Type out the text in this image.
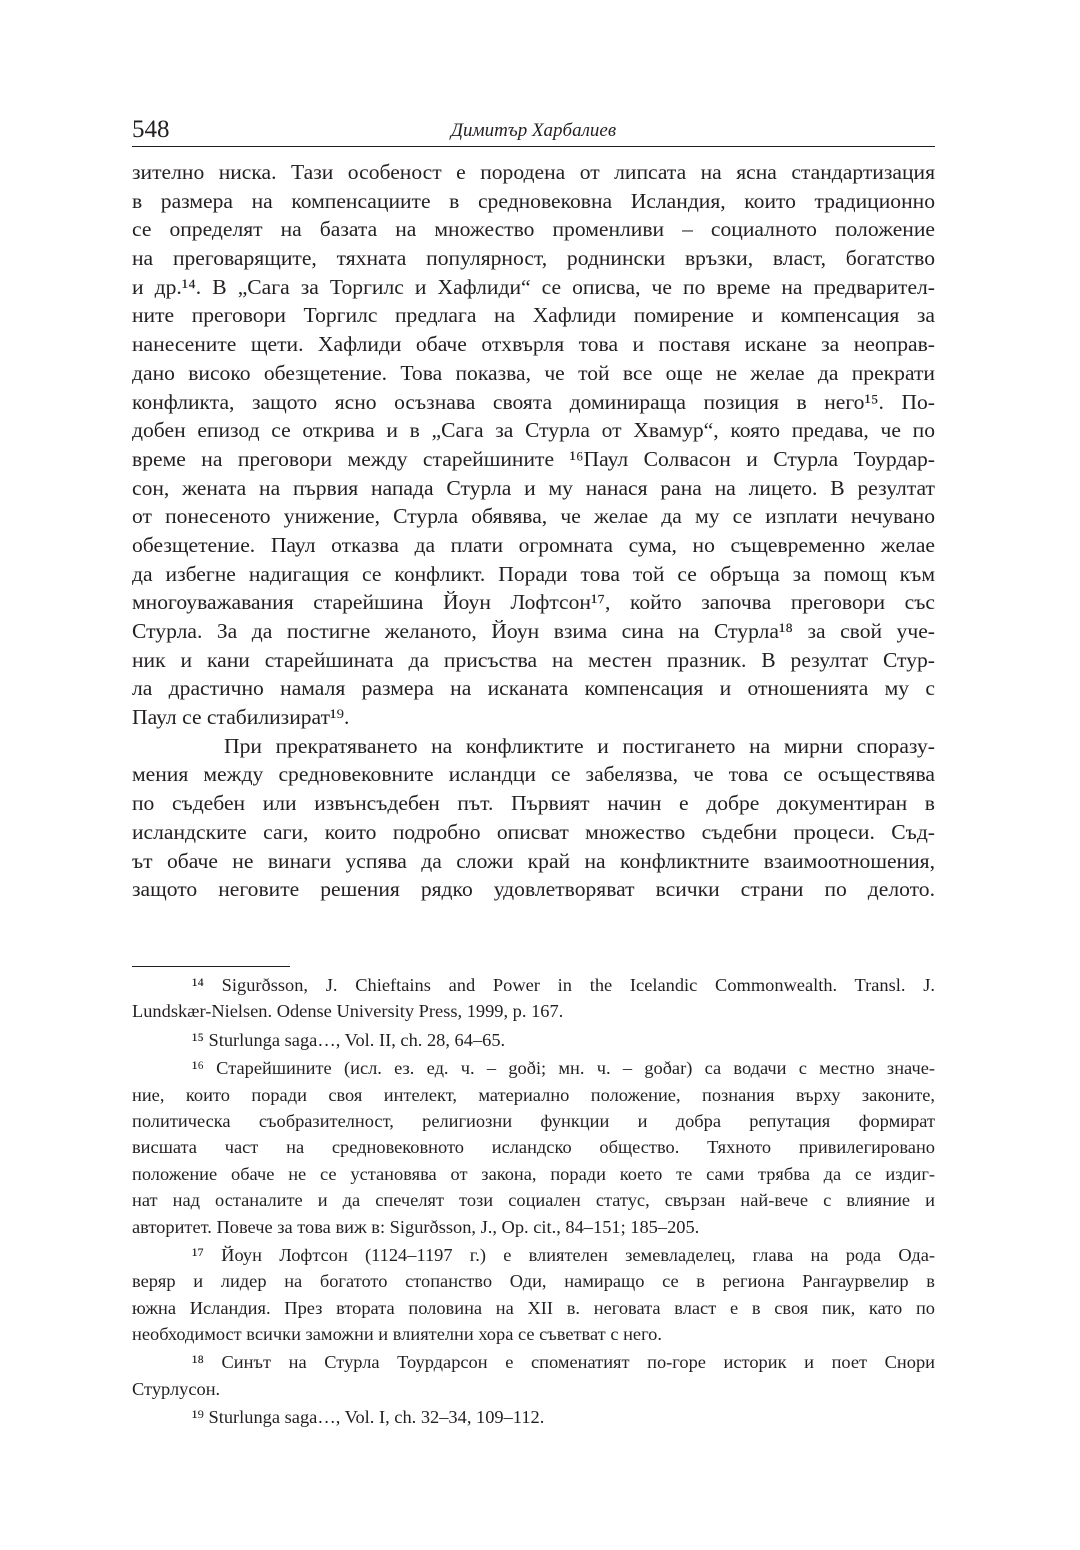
548	Димитър Харбалиев
зително ниска. Тази особеност е породена от липсата на ясна стандартизация
в размера на компенсациите в средновековна Исландия, които традиционно
се определят на базата на множество променливи – социалното положение
на преговарящите, тяхната популярност, роднински връзки, власт, богатство
и др.¹⁴. В „Сага за Торгилс и Хафлиди“ се описва, че по време на предварител-
ните преговори Торгилс предлага на Хафлиди помирение и компенсация за
нанесените щети. Хафлиди обаче отхвърля това и поставя искане за неоправ-
дано високо обезщетение. Това показва, че той все още не желае да прекрати
конфликта, защото ясно осъзнава своята доминираща позиция в него¹⁵. По-
добен епизод се открива и в „Сага за Стурла от Хвамур“, която предава, че по
време на преговори между старейшините ¹⁶Паул Солвасон и Стурла Тоурдар-
сон, жената на първия напада Стурла и му нанася рана на лицето. В резултат
от понесеното унижение, Стурла обявява, че желае да му се изплати нечувано
обезщетение. Паул отказва да плати огромната сума, но същевременно желае
да избегне надигащия се конфликт. Поради това той се обръща за помощ към
многоуважавания старейшина Йоун Лофтсон¹⁷, който започва преговори със
Стурла. За да постигне желаното, Йоун взима сина на Стурла¹⁸ за свой уче-
ник и кани старейшината да присъства на местен празник. В резултат Стур-
ла драстично намаля размера на исканата компенсация и отношенията му с
Паул се стабилизират¹⁹.
При прекратяването на конфликтите и постигането на мирни споразу-
мения между средновековните исландци се забелязва, че това се осъществява
по съдебен или извънсъдебен път. Първият начин е добре документиран в
исландските саги, които подробно описват множество съдебни процеси. Съд-
ът обаче не винаги успява да сложи край на конфликтните взаимоотношения,
защото неговите решения рядко удовлетворяват всички страни по делото.
¹⁴ Sigurðsson, J. Chieftains and Power in the Icelandic Commonwealth. Transl. J.
Lundskær-Nielsen. Odense University Press, 1999, p. 167.
¹⁵ Sturlunga saga…, Vol. II, ch. 28, 64–65.
¹⁶ Старейшините (исл. ез. ед. ч. – goði; мн. ч. – goðar) са водачи с местно значе-
ние, които поради своя интелект, материално положение, познания върху законите,
политическа съобразителност, религиозни функции и добра репутация формират
висшата част на средновековното исландско общество. Тяхното привилегировано
положение обаче не се установява от закона, поради което те сами трябва да се издиг-
нат над останалите и да спечелят този социален статус, свързан най-вече с влияние и
авторитет. Повече за това виж в: Sigurðsson, J., Op. cit., 84–151; 185–205.
¹⁷ Йоун Лофтсон (1124–1197 г.) е влиятелен земевладелец, глава на рода Ода-
веряр и лидер на богатото стопанство Оди, намиращо се в региона Рангаурвелир в
южна Исландия. През втората половина на XII в. неговата власт е в своя пик, като по
необходимост всички заможни и влиятелни хора се съветват с него.
¹⁸ Синът на Стурла Тоурдарсон е споменатият по-горе историк и поет Снори
Стурлусон.
¹⁹ Sturlunga saga…, Vol. I, ch. 32–34, 109–112.
